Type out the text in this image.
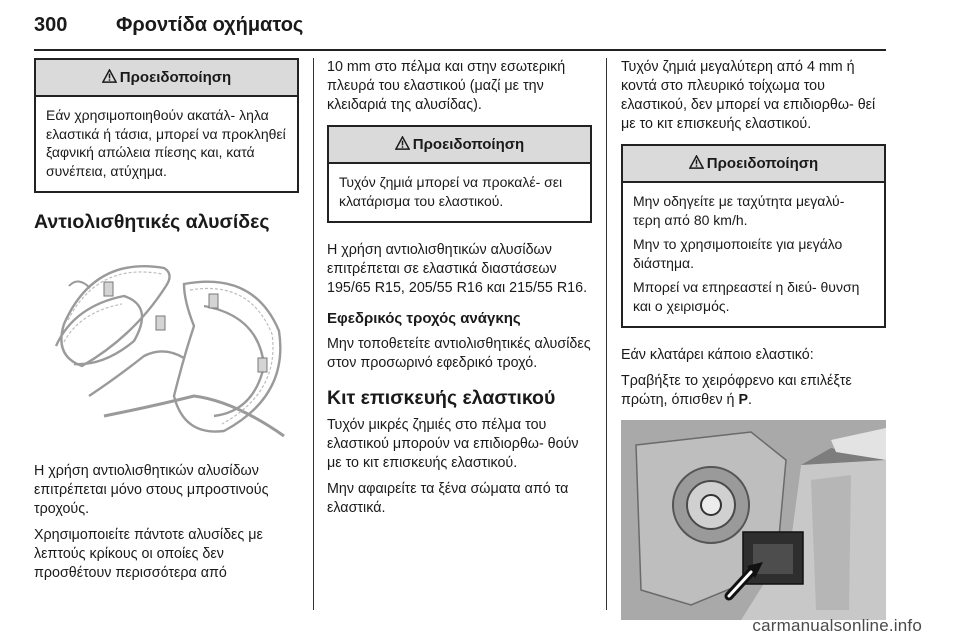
300 Φροντίδα οχήματος
Προειδοποίηση

Εάν χρησιμοποιηθούν ακατάλ- ληλα ελαστικά ή τάσια, μπορεί να προκληθεί ξαφνική απώλεια πίεσης και, κατά συνέπεια, ατύχημα.

Αντιολισθητικές αλυσίδες

Η χρήση αντιολισθητικών αλυσίδων επιτρέπεται μόνο στους μπροστινούς τροχούς.

Χρησιμοποιείτε πάντοτε αλυσίδες με λεπτούς κρίκους οι οποίες δεν προσθέτουν περισσότερα από

10 mm στο πέλμα και στην εσωτερική πλευρά του ελαστικού (μαζί με την κλειδαριά της αλυσίδας).

Προειδοποίηση

Τυχόν ζημιά μπορεί να προκαλέ- σει κλατάρισμα του ελαστικού.

Η χρήση αντιολισθητικών αλυσίδων επιτρέπεται σε ελαστικά διαστάσεων 195/65 R15, 205/55 R16 και 215/55 R16.

Εφεδρικός τροχός ανάγκης

Μην τοποθετείτε αντιολισθητικές αλυσίδες στον προσωρινό εφεδρικό τροχό.

Κιτ επισκευής ελαστικού

Τυχόν μικρές ζημιές στο πέλμα του ελαστικού μπορούν να επιδιορθω- θούν με το κιτ επισκευής ελαστικού.

Μην αφαιρείτε τα ξένα σώματα από τα ελαστικά.

Τυχόν ζημιά μεγαλύτερη από 4 mm ή κοντά στο πλευρικό τοίχωμα του ελαστικού, δεν μπορεί να επιδιορθω- θεί με το κιτ επισκευής ελαστικού.

Προειδοποίηση

Μην οδηγείτε με ταχύτητα μεγαλύ- τερη από 80 km/h.

Μην το χρησιμοποιείτε για μεγάλο διάστημα.

Μπορεί να επηρεαστεί η διεύ- θυνση και ο χειρισμός.

Εάν κλατάρει κάποιο ελαστικό:

Τραβήξτε το χειρόφρενο και επιλέξτε πρώτη, όπισθεν ή P.

carmanualsonline.info
